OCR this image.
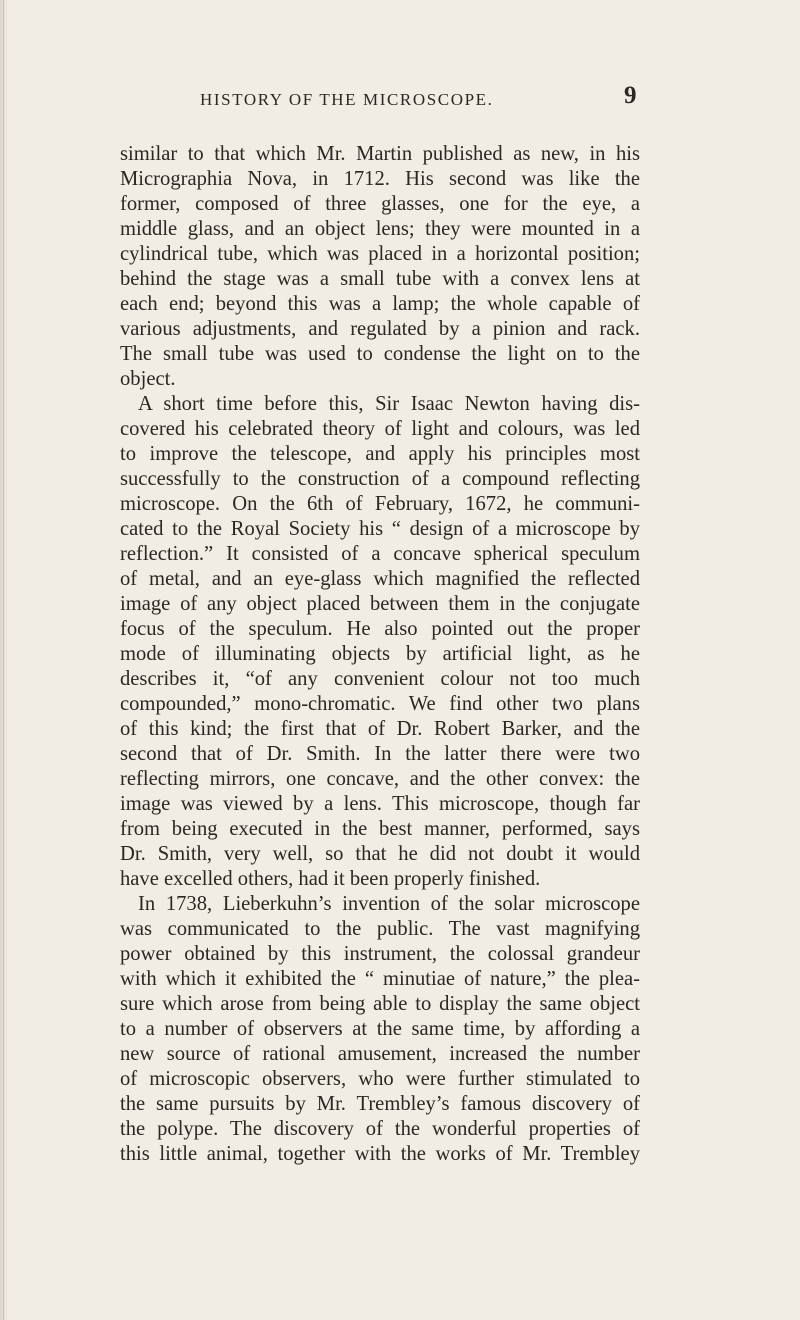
HISTORY OF THE MICROSCOPE.	9
similar to that which Mr. Martin published as new, in his
Micrographia Nova, in 1712. His second was like the
former, composed of three glasses, one for the eye, a
middle glass, and an object lens; they were mounted in a
cylindrical tube, which was placed in a horizontal position;
behind the stage was a small tube with a convex lens at
each end; beyond this was a lamp; the whole capable of
various adjustments, and regulated by a pinion and rack.
The small tube was used to condense the light on to the
object.
A short time before this, Sir Isaac Newton having dis-
covered his celebrated theory of light and colours, was led
to improve the telescope, and apply his principles most
successfully to the construction of a compound reflecting
microscope. On the 6th of February, 1672, he communi-
cated to the Royal Society his “ design of a microscope by
reflection.” It consisted of a concave spherical speculum
of metal, and an eye-glass which magnified the reflected
image of any object placed between them in the conjugate
focus of the speculum. He also pointed out the proper
mode of illuminating objects by artificial light, as he
describes it, “of any convenient colour not too much
compounded,” mono-chromatic. We find other two plans
of this kind; the first that of Dr. Robert Barker, and the
second that of Dr. Smith. In the latter there were two
reflecting mirrors, one concave, and the other convex: the
image was viewed by a lens. This microscope, though far
from being executed in the best manner, performed, says
Dr. Smith, very well, so that he did not doubt it would
have excelled others, had it been properly finished.
In 1738, Lieberkuhn’s invention of the solar microscope
was communicated to the public. The vast magnifying
power obtained by this instrument, the colossal grandeur
with which it exhibited the “ minutiae of nature,” the plea-
sure which arose from being able to display the same object
to a number of observers at the same time, by affording a
new source of rational amusement, increased the number
of microscopic observers, who were further stimulated to
the same pursuits by Mr. Trembley’s famous discovery of
the polype. The discovery of the wonderful properties of
this little animal, together with the works of Mr. Trembley
